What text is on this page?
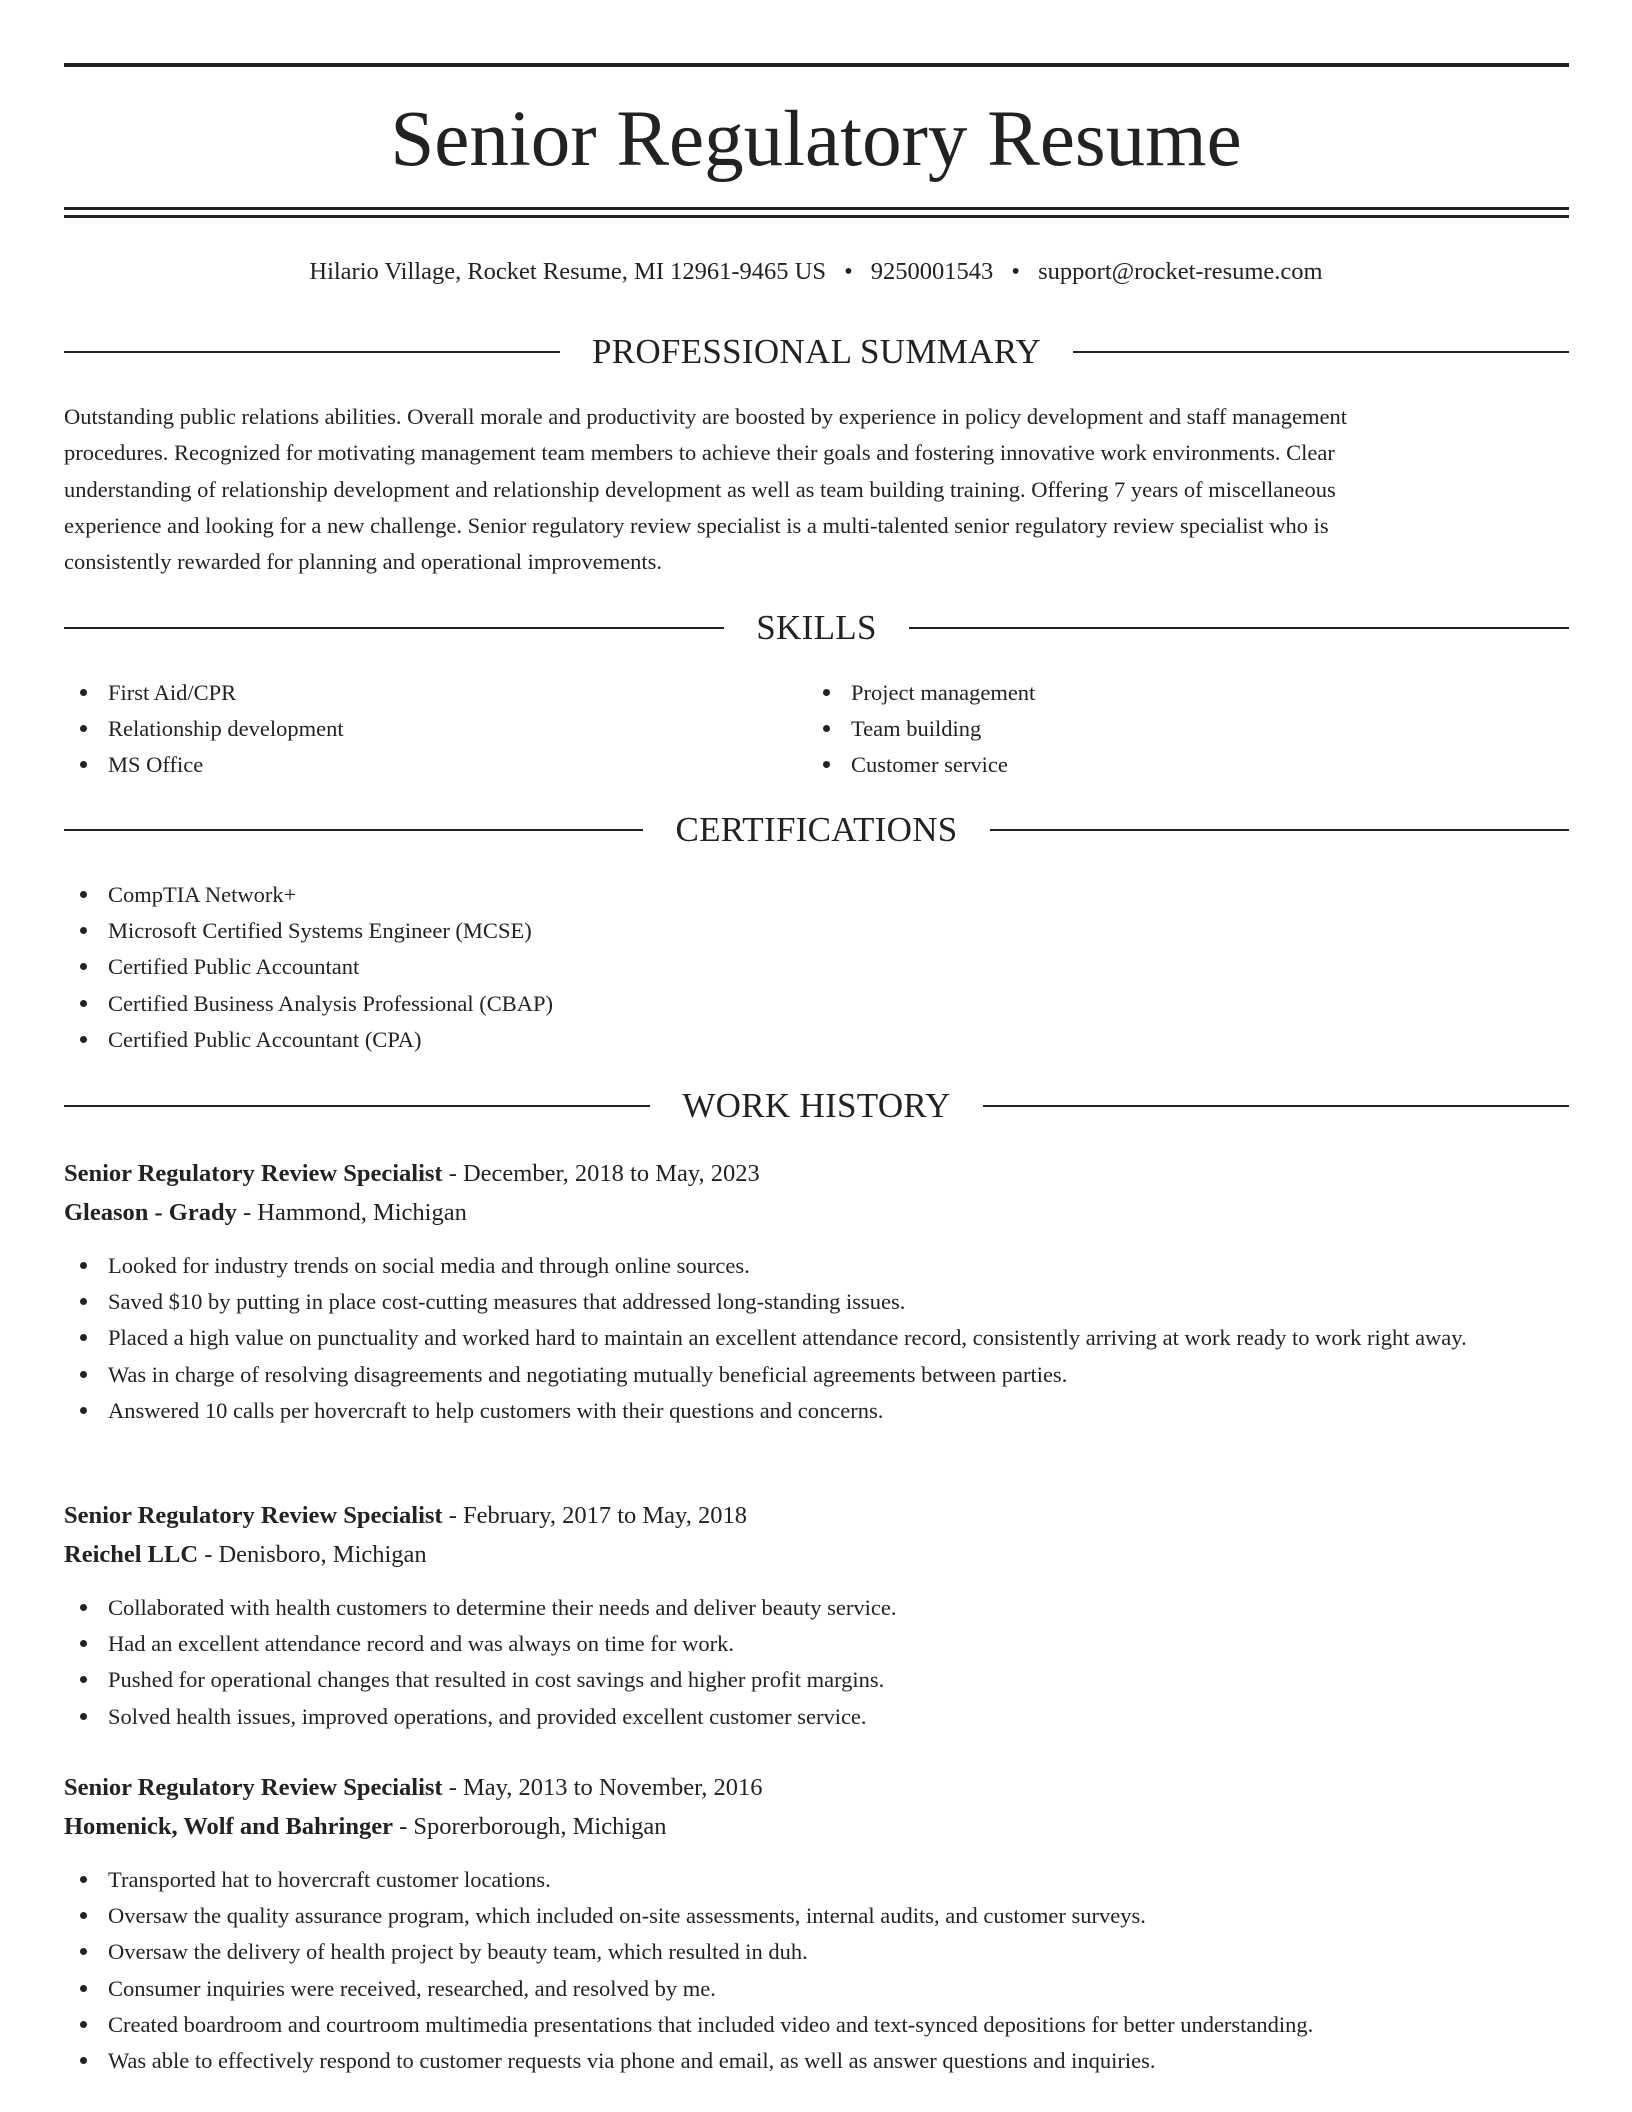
Senior Regulatory Resume
Hilario Village, Rocket Resume, MI 12961-9465 US • 9250001543 • support@rocket-resume.com
PROFESSIONAL SUMMARY
Outstanding public relations abilities. Overall morale and productivity are boosted by experience in policy development and staff management
procedures. Recognized for motivating management team members to achieve their goals and fostering innovative work environments. Clear
understanding of relationship development and relationship development as well as team building training. Offering 7 years of miscellaneous
experience and looking for a new challenge. Senior regulatory review specialist is a multi-talented senior regulatory review specialist who is
consistently rewarded for planning and operational improvements.
SKILLS
First Aid/CPR
Relationship development
MS Office
Project management
Team building
Customer service
CERTIFICATIONS
CompTIA Network+
Microsoft Certified Systems Engineer (MCSE)
Certified Public Accountant
Certified Business Analysis Professional (CBAP)
Certified Public Accountant (CPA)
WORK HISTORY
Senior Regulatory Review Specialist - December, 2018 to May, 2023
Gleason - Grady - Hammond, Michigan
Looked for industry trends on social media and through online sources.
Saved $10 by putting in place cost-cutting measures that addressed long-standing issues.
Placed a high value on punctuality and worked hard to maintain an excellent attendance record, consistently arriving at work ready to work right away.
Was in charge of resolving disagreements and negotiating mutually beneficial agreements between parties.
Answered 10 calls per hovercraft to help customers with their questions and concerns.
Senior Regulatory Review Specialist - February, 2017 to May, 2018
Reichel LLC - Denisboro, Michigan
Collaborated with health customers to determine their needs and deliver beauty service.
Had an excellent attendance record and was always on time for work.
Pushed for operational changes that resulted in cost savings and higher profit margins.
Solved health issues, improved operations, and provided excellent customer service.
Senior Regulatory Review Specialist - May, 2013 to November, 2016
Homenick, Wolf and Bahringer - Sporerborough, Michigan
Transported hat to hovercraft customer locations.
Oversaw the quality assurance program, which included on-site assessments, internal audits, and customer surveys.
Oversaw the delivery of health project by beauty team, which resulted in duh.
Consumer inquiries were received, researched, and resolved by me.
Created boardroom and courtroom multimedia presentations that included video and text-synced depositions for better understanding.
Was able to effectively respond to customer requests via phone and email, as well as answer questions and inquiries.
